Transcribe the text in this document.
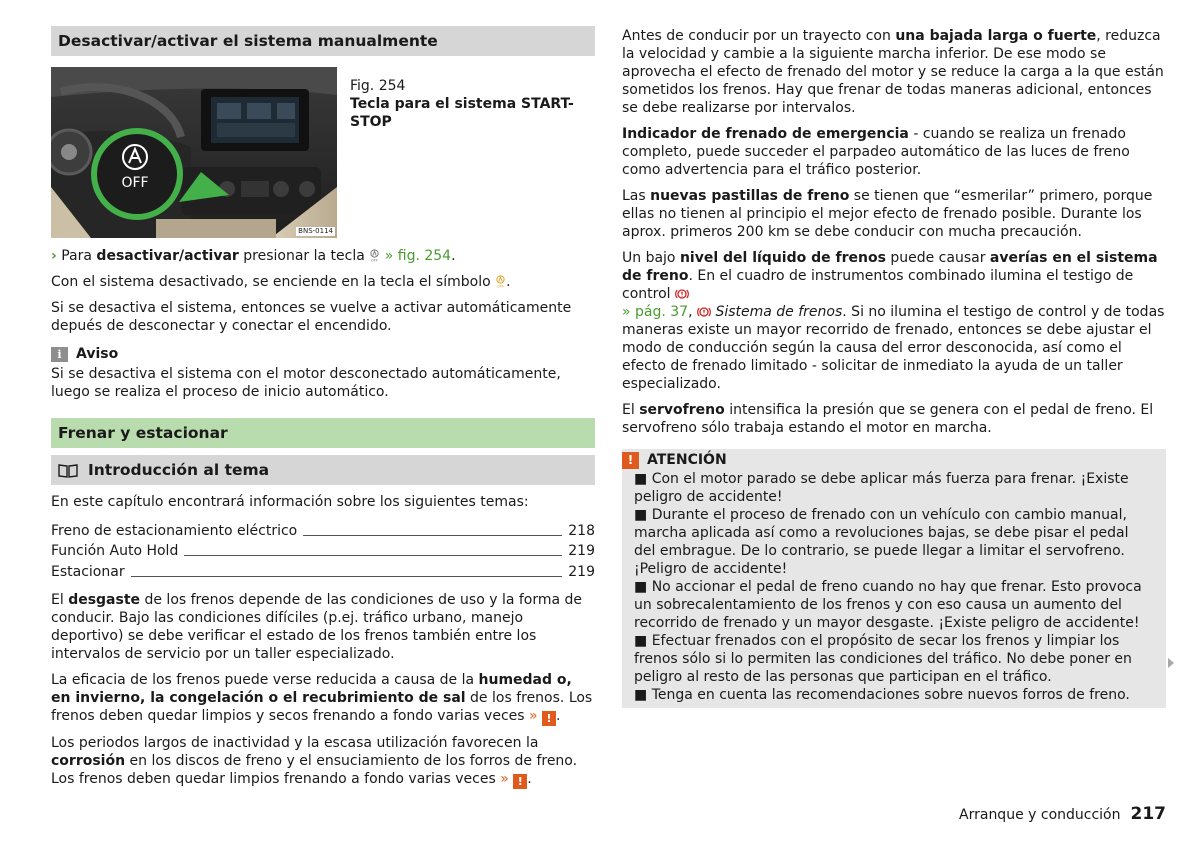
Desactivar/activar el sistema manualmente
OFF
BNS-0114
Fig. 254
Tecla para el sistema START-STOP

› Para desactivar/activar presionar la tecla OFF » fig. 254.

Con el sistema desactivado, se enciende en la tecla el símbolo OFF .

Si se desactiva el sistema, entonces se vuelve a activar automáticamente depués de desconectar y conectar el encendido.

i	Aviso

Si se desactiva el sistema con el motor desconectado automáticamente, luego se realiza el proceso de inicio automático.

Frenar y estacionar
Introducción al tema

En este capítulo encontrará información sobre los siguientes temas:

Freno de estacionamiento eléctrico	218
Función Auto Hold	219
Estacionar	219

El desgaste de los frenos depende de las condiciones de uso y la forma de conducir. Bajo las condiciones difíciles (p.ej. tráfico urbano, manejo deportivo) se debe verificar el estado de los frenos también entre los intervalos de servicio por un taller especializado.

La eficacia de los frenos puede verse reducida a causa de la humedad o, en invierno, la congelación o el recubrimiento de sal de los frenos. Los frenos deben quedar limpios y secos frenando a fondo varias veces » ! .

Los periodos largos de inactividad y la escasa utilización favorecen la corrosión en los discos de freno y el ensuciamiento de los forros de freno. Los frenos deben quedar limpios frenando a fondo varias veces » ! .

Antes de conducir por un trayecto con una bajada larga o fuerte, reduzca la velocidad y cambie a la siguiente marcha inferior. De ese modo se aprovecha el efecto de frenado del motor y se reduce la carga a la que están sometidos los frenos. Hay que frenar de todas maneras adicional, entonces se debe realizarse por intervalos.

Indicador de frenado de emergencia - cuando se realiza un frenado completo, puede succeder el parpadeo automático de las luces de freno como advertencia para el tráfico posterior.

Las nuevas pastillas de freno se tienen que “esmerilar” primero, porque ellas no tienen al principio el mejor efecto de frenado posible. Durante los aprox. primeros 200 km se debe conducir con mucha precaución.

Un bajo nivel del líquido de frenos puede causar averías en el sistema de freno. En el cuadro de instrumentos combinado ilumina el testigo de control
» pág. 37,  Sistema de frenos. Si no ilumina el testigo de control y de todas maneras existe un mayor recorrido de frenado, entonces se debe ajustar el modo de conducción según la causa del error desconocida, así como el efecto de frenado limitado - solicitar de inmediato la ayuda de un taller especializado.

El servofreno intensifica la presión que se genera con el pedal de freno. El servofreno sólo trabaja estando el motor en marcha.

! ATENCIÓN
■ Con el motor parado se debe aplicar más fuerza para frenar. ¡Existe peligro de accidente!
■ Durante el proceso de frenado con un vehículo con cambio manual, marcha aplicada así como a revoluciones bajas, se debe pisar el pedal del embrague. De lo contrario, se puede llegar a limitar el servofreno. ¡Peligro de accidente!
■ No accionar el pedal de freno cuando no hay que frenar. Esto provoca un sobrecalentamiento de los frenos y con eso causa un aumento del recorrido de frenado y un mayor desgaste. ¡Existe peligro de accidente!
■ Efectuar frenados con el propósito de secar los frenos y limpiar los frenos sólo si lo permiten las condiciones del tráfico. No debe poner en peligro al resto de las personas que participan en el tráfico.
■ Tenga en cuenta las recomendaciones sobre nuevos forros de freno.
Arranque y conducción 217
